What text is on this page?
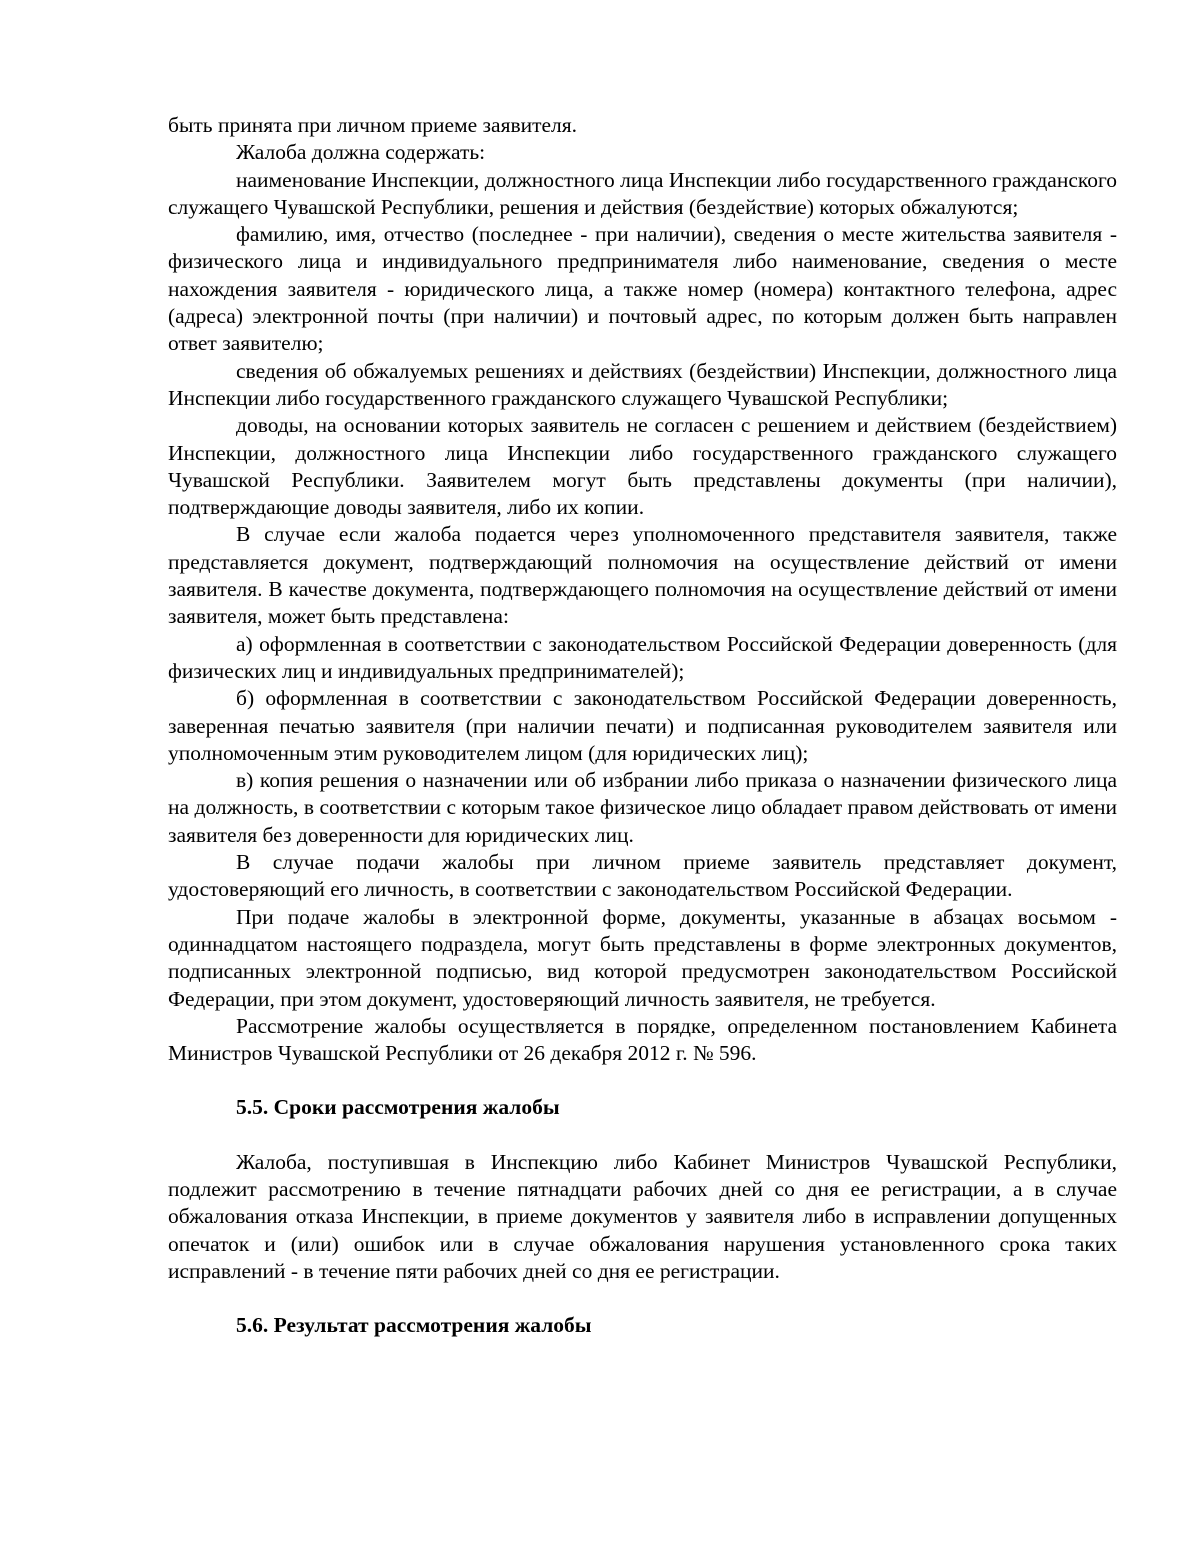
быть принята при личном приеме заявителя.

Жалоба должна содержать:

наименование Инспекции, должностного лица Инспекции либо государственного гражданского служащего Чувашской Республики, решения и действия (бездействие) которых обжалуются;

фамилию, имя, отчество (последнее - при наличии), сведения о месте жительства заявителя - физического лица и индивидуального предпринимателя либо наименование, сведения о месте нахождения заявителя - юридического лица, а также номер (номера) контактного телефона, адрес (адреса) электронной почты (при наличии) и почтовый адрес, по которым должен быть направлен ответ заявителю;

сведения об обжалуемых решениях и действиях (бездействии) Инспекции, должностного лица Инспекции либо государственного гражданского служащего Чувашской Республики;

доводы, на основании которых заявитель не согласен с решением и действием (бездействием) Инспекции, должностного лица Инспекции либо государственного гражданского служащего Чувашской Республики. Заявителем могут быть представлены документы (при наличии), подтверждающие доводы заявителя, либо их копии.

В случае если жалоба подается через уполномоченного представителя заявителя, также представляется документ, подтверждающий полномочия на осуществление действий от имени заявителя. В качестве документа, подтверждающего полномочия на осуществление действий от имени заявителя, может быть представлена:

а) оформленная в соответствии с законодательством Российской Федерации доверенность (для физических лиц и индивидуальных предпринимателей);

б) оформленная в соответствии с законодательством Российской Федерации доверенность, заверенная печатью заявителя (при наличии печати) и подписанная руководителем заявителя или уполномоченным этим руководителем лицом (для юридических лиц);

в) копия решения о назначении или об избрании либо приказа о назначении физического лица на должность, в соответствии с которым такое физическое лицо обладает правом действовать от имени заявителя без доверенности для юридических лиц.

В случае подачи жалобы при личном приеме заявитель представляет документ, удостоверяющий его личность, в соответствии с законодательством Российской Федерации.

При подаче жалобы в электронной форме, документы, указанные в абзацах восьмом - одиннадцатом настоящего подраздела, могут быть представлены в форме электронных документов, подписанных электронной подписью, вид которой предусмотрен законодательством Российской Федерации, при этом документ, удостоверяющий личность заявителя, не требуется.

Рассмотрение жалобы осуществляется в порядке, определенном постановлением Кабинета Министров Чувашской Республики от 26 декабря 2012 г. № 596.

5.5. Сроки рассмотрения жалобы

Жалоба, поступившая в Инспекцию либо Кабинет Министров Чувашской Республики, подлежит рассмотрению в течение пятнадцати рабочих дней со дня ее регистрации, а в случае обжалования отказа Инспекции, в приеме документов у заявителя либо в исправлении допущенных опечаток и (или) ошибок или в случае обжалования нарушения установленного срока таких исправлений - в течение пяти рабочих дней со дня ее регистрации.

5.6. Результат рассмотрения жалобы
